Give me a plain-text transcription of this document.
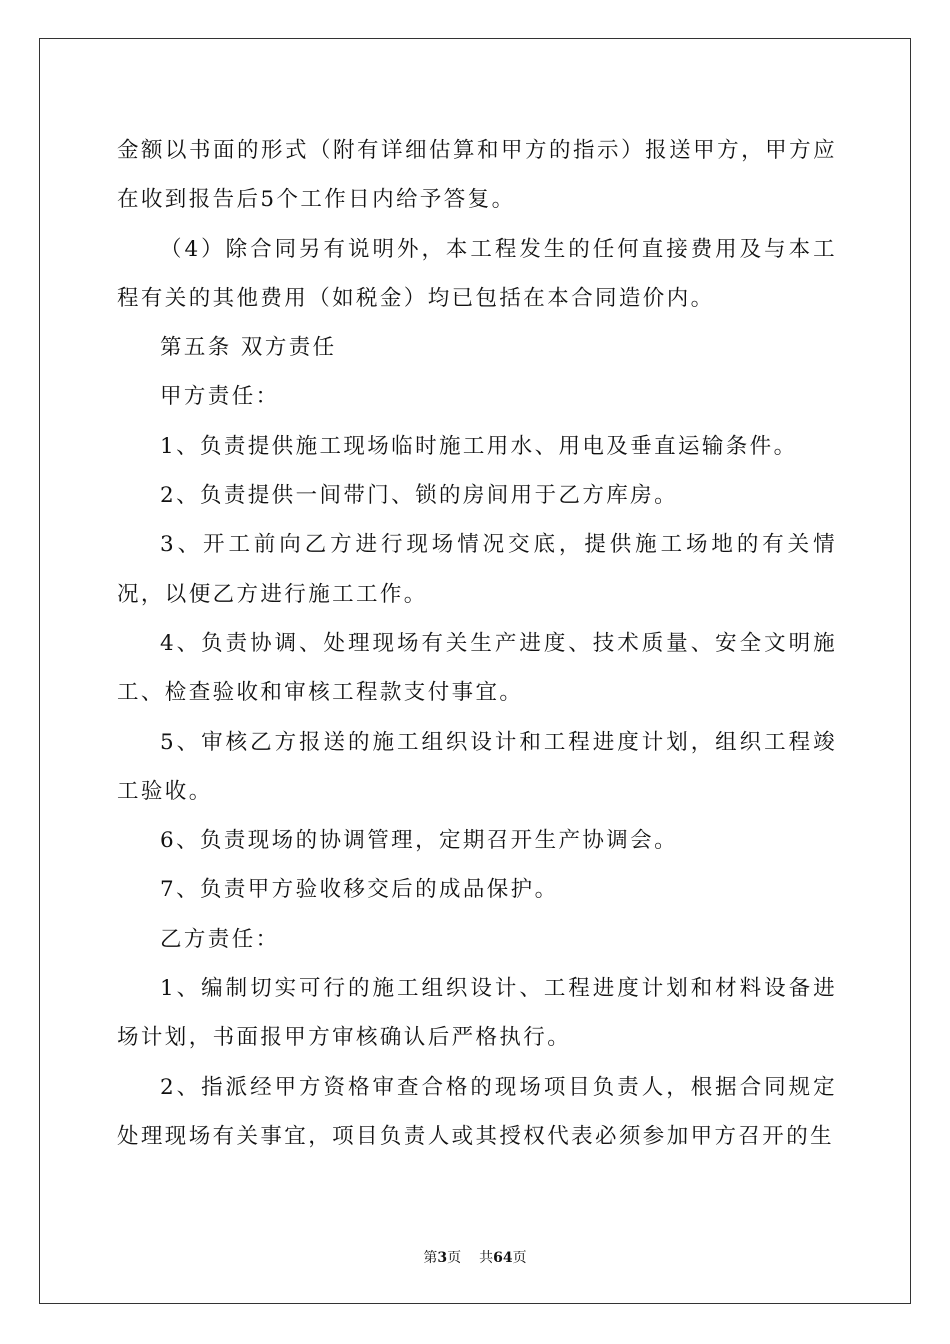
金额以书面的形式（附有详细估算和甲方的指示）报送甲方，甲方应在收到报告后5个工作日内给予答复。

（4）除合同另有说明外，本工程发生的任何直接费用及与本工程有关的其他费用（如税金）均已包括在本合同造价内。

第五条 双方责任

甲方责任：

1、负责提供施工现场临时施工用水、用电及垂直运输条件。

2、负责提供一间带门、锁的房间用于乙方库房。

3、开工前向乙方进行现场情况交底，提供施工场地的有关情况，以便乙方进行施工工作。

4、负责协调、处理现场有关生产进度、技术质量、安全文明施工、检查验收和审核工程款支付事宜。

5、审核乙方报送的施工组织设计和工程进度计划，组织工程竣工验收。

6、负责现场的协调管理，定期召开生产协调会。

7、负责甲方验收移交后的成品保护。

乙方责任：

1、编制切实可行的施工组织设计、工程进度计划和材料设备进场计划，书面报甲方审核确认后严格执行。

2、指派经甲方资格审查合格的现场项目负责人，根据合同规定处理现场有关事宜，项目负责人或其授权代表必须参加甲方召开的生

第3页 共64页
